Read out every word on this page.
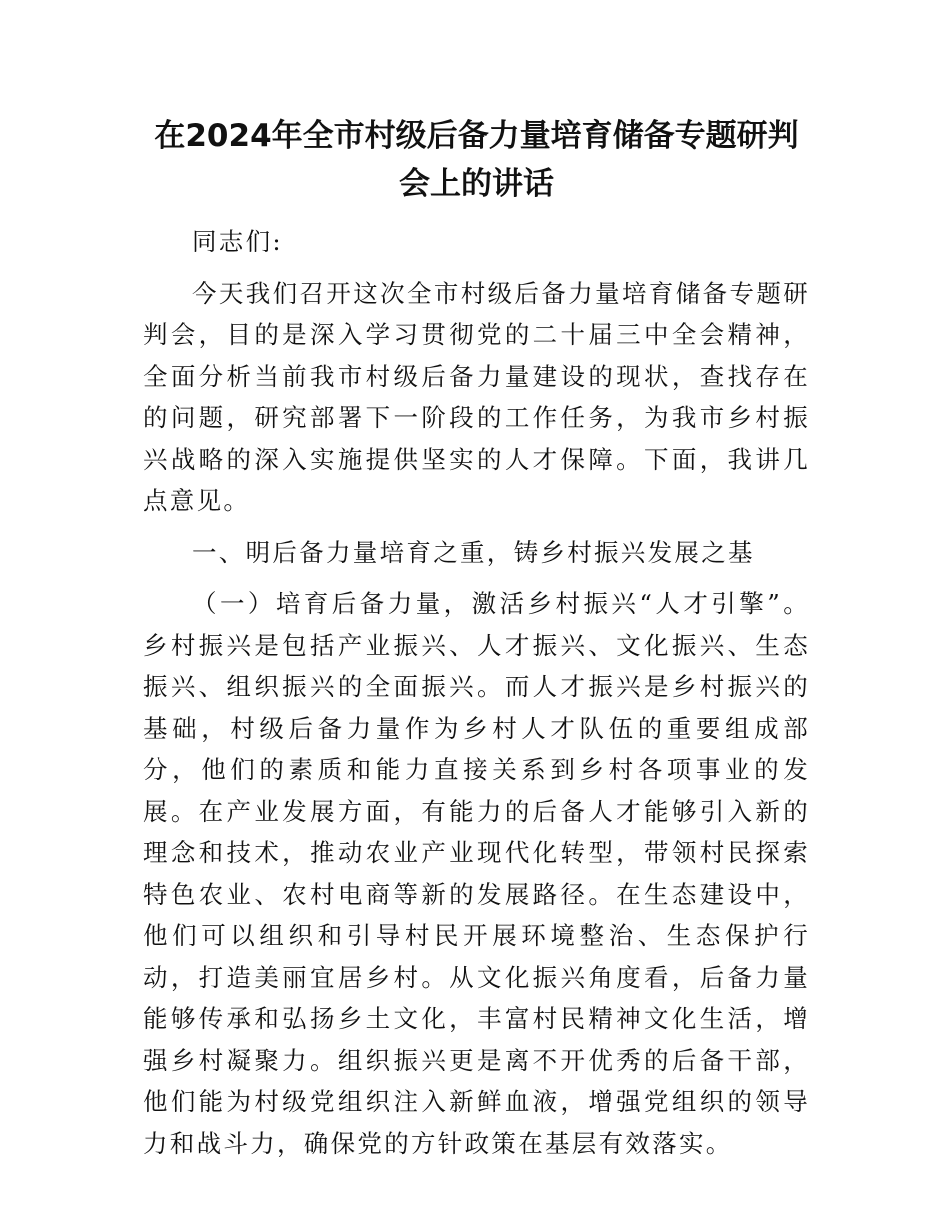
在2024年全市村级后备力量培育储备专题研判
会上的讲话

同志们:

今天我们召开这次全市村级后备力量培育储备专题研判会，目的是深入学习贯彻党的二十届三中全会精神，全面分析当前我市村级后备力量建设的现状，查找存在的问题，研究部署下一阶段的工作任务，为我市乡村振兴战略的深入实施提供坚实的人才保障。下面，我讲几点意见。

一、明后备力量培育之重，铸乡村振兴发展之基

（一）培育后备力量，激活乡村振兴“人才引擎”。乡村振兴是包括产业振兴、人才振兴、文化振兴、生态振兴、组织振兴的全面振兴。而人才振兴是乡村振兴的基础，村级后备力量作为乡村人才队伍的重要组成部分，他们的素质和能力直接关系到乡村各项事业的发展。在产业发展方面，有能力的后备人才能够引入新的理念和技术，推动农业产业现代化转型，带领村民探索特色农业、农村电商等新的发展路径。在生态建设中，他们可以组织和引导村民开展环境整治、生态保护行动，打造美丽宜居乡村。从文化振兴角度看，后备力量能够传承和弘扬乡土文化，丰富村民精神文化生活，增强乡村凝聚力。组织振兴更是离不开优秀的后备干部，他们能为村级党组织注入新鲜血液，增强党组织的领导力和战斗力，确保党的方针政策在基层有效落实。
